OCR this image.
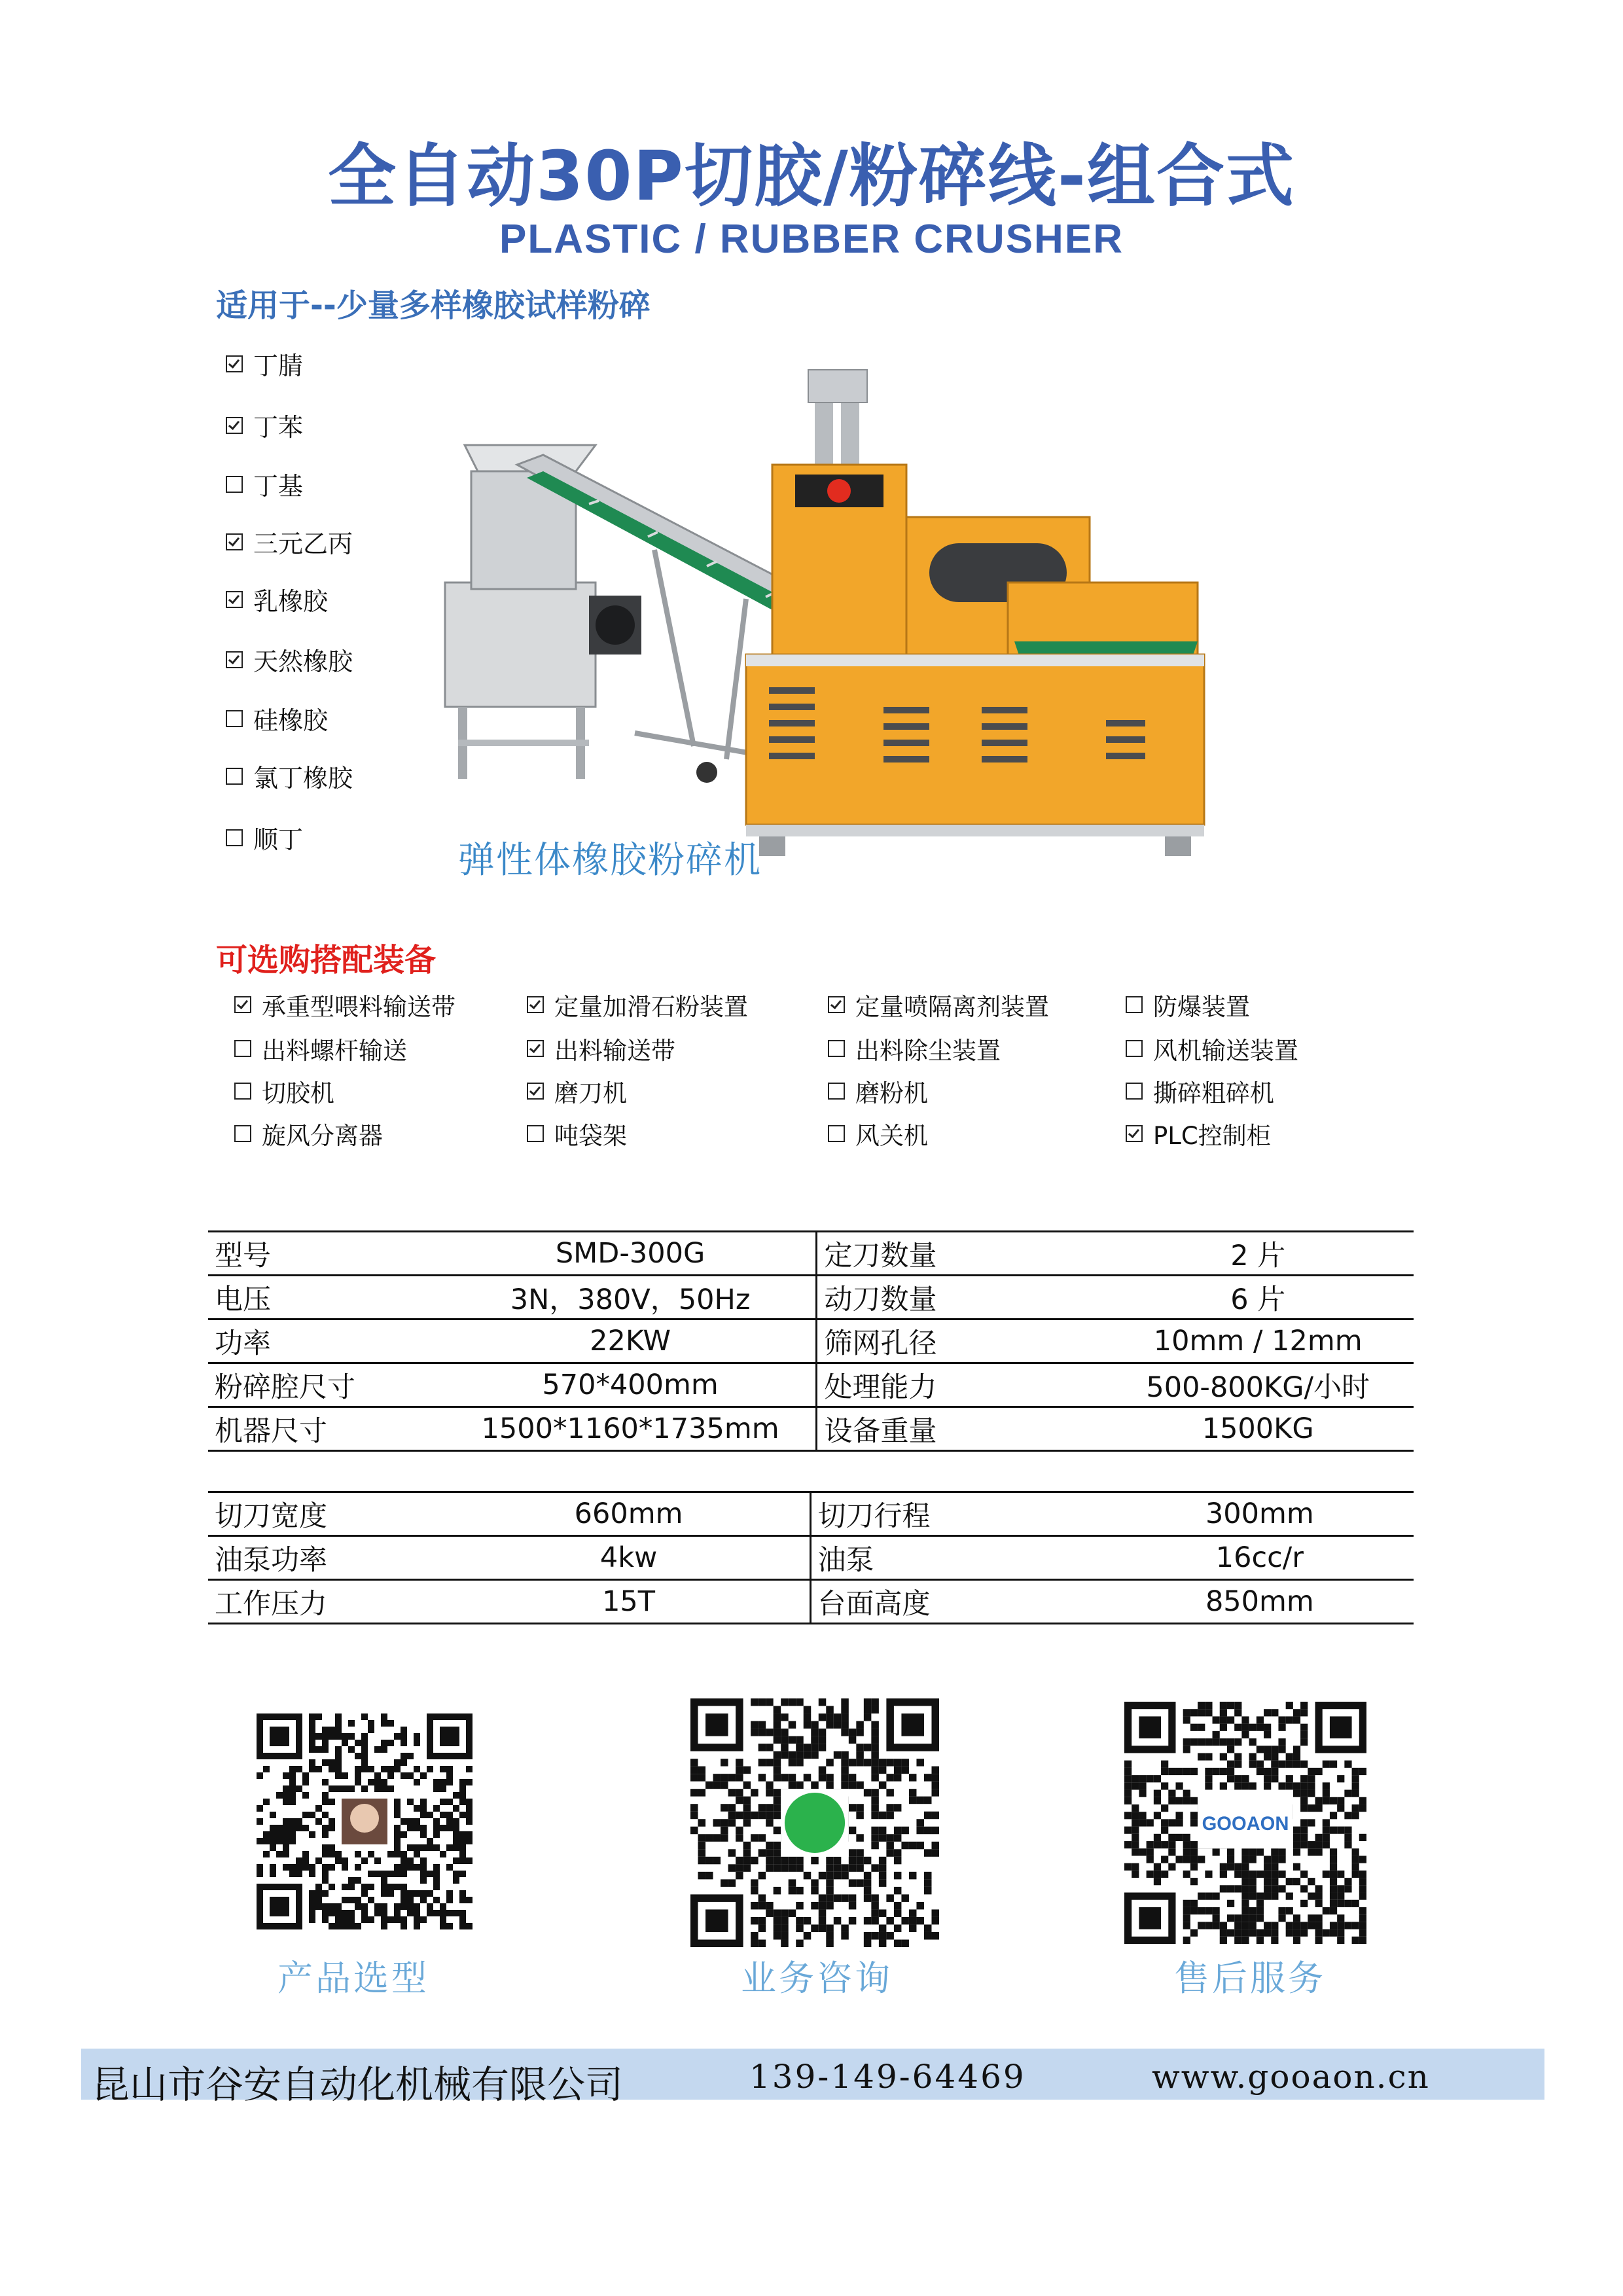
全自动30P切胶/粉碎线-组合式
PLASTIC / RUBBER CRUSHER
适用于--少量多样橡胶试样粉碎
丁腈
丁苯
丁基
三元乙丙
乳橡胶
天然橡胶
硅橡胶
氯丁橡胶
顺丁	弹性体橡胶粉碎机
可选购搭配装备
承重型喂料输送带	定量加滑石粉装置	定量喷隔离剂装置	防爆装置
出料螺杆输送	出料输送带	出料除尘装置	风机输送装置
切胶机	磨刀机	磨粉机	撕碎粗碎机
旋风分离器	吨袋架	风关机	PLC控制柜
型号	SMD-300G	定刀数量	2 片
电压	3N，380V，50Hz	动刀数量	6 片
功率	22KW	筛网孔径	10mm / 12mm
粉碎腔尺寸	570*400mm	处理能力	500-800KG/小时
机器尺寸	1500*1160*1735mm	设备重量	1500KG
切刀宽度	660mm	切刀行程	300mm
油泵功率	4kw	油泵	16cc/r
工作压力	15T	台面高度	850mm
GOOAON
产品选型	业务咨询	售后服务
昆山市谷安自动化机械有限公司	139-149-64469	www.gooaon.cn
